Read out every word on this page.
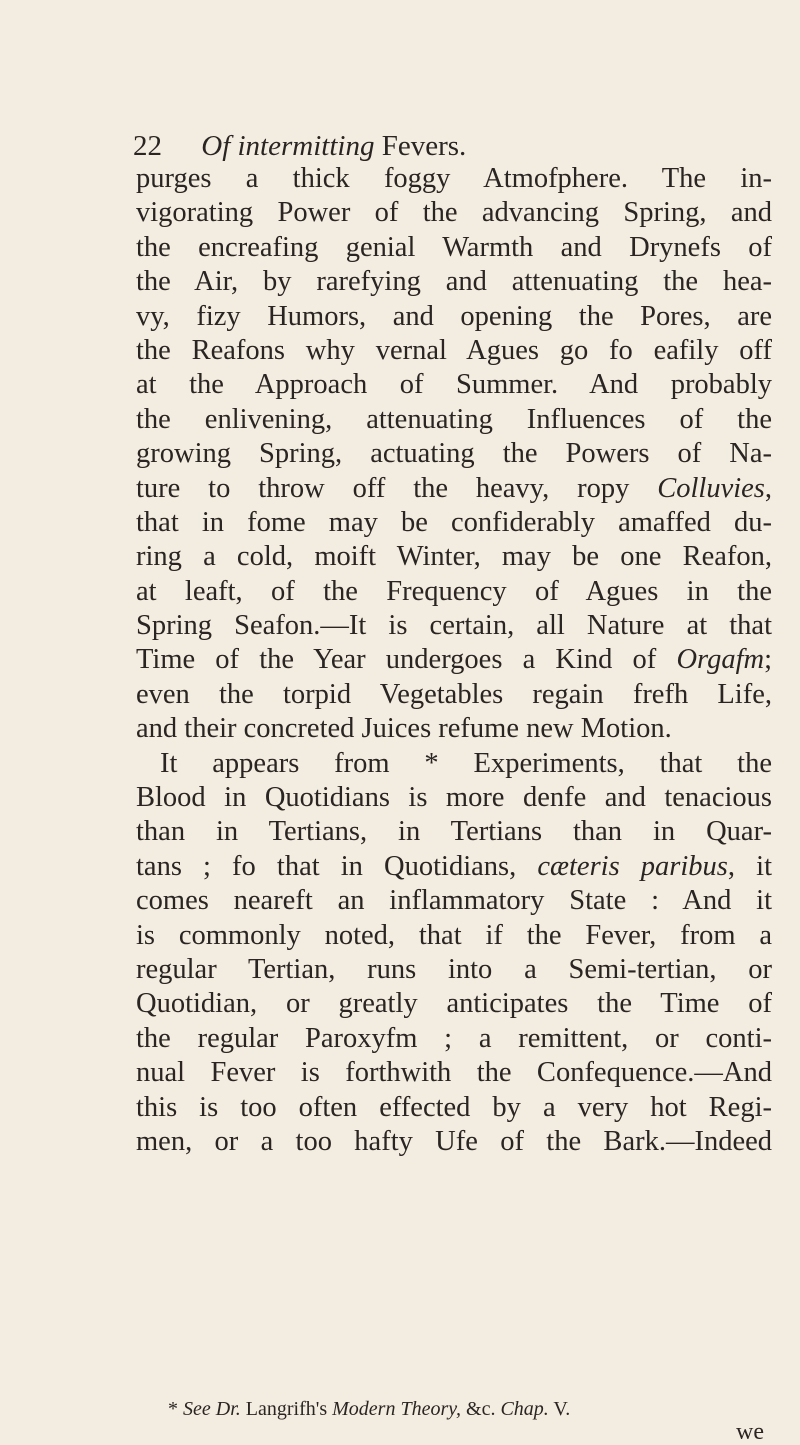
22 Of intermitting Fevers.
purges a thick foggy Atmofphere. The in-
vigorating Power of the advancing Spring, and
the encreafing genial Warmth and Drynefs of
the Air, by rarefying and attenuating the hea-
vy, fizy Humors, and opening the Pores, are
the Reafons why vernal Agues go fo eafily off
at the Approach of Summer. And probably
the enlivening, attenuating Influences of the
growing Spring, actuating the Powers of Na-
ture to throw off the heavy, ropy Colluvies,
that in fome may be confiderably amaffed du-
ring a cold, moift Winter, may be one Reafon,
at leaft, of the Frequency of Agues in the
Spring Seafon.—It is certain, all Nature at that
Time of the Year undergoes a Kind of Orgafm;
even the torpid Vegetables regain frefh Life,
and their concreted Juices refume new Motion.
It appears from * Experiments, that the
Blood in Quotidians is more denfe and tenacious
than in Tertians, in Tertians than in Quar-
tans ; fo that in Quotidians, cæteris paribus, it
comes neareft an inflammatory State : And it
is commonly noted, that if the Fever, from a
regular Tertian, runs into a Semi-tertian, or
Quotidian, or greatly anticipates the Time of
the regular Paroxyfm ; a remittent, or conti-
nual Fever is forthwith the Confequence.—And
this is too often effected by a very hot Regi-
men, or a too hafty Ufe of the Bark.—Indeed
* See Dr. Langrifh's Modern Theory, &c. Chap. V.
we
